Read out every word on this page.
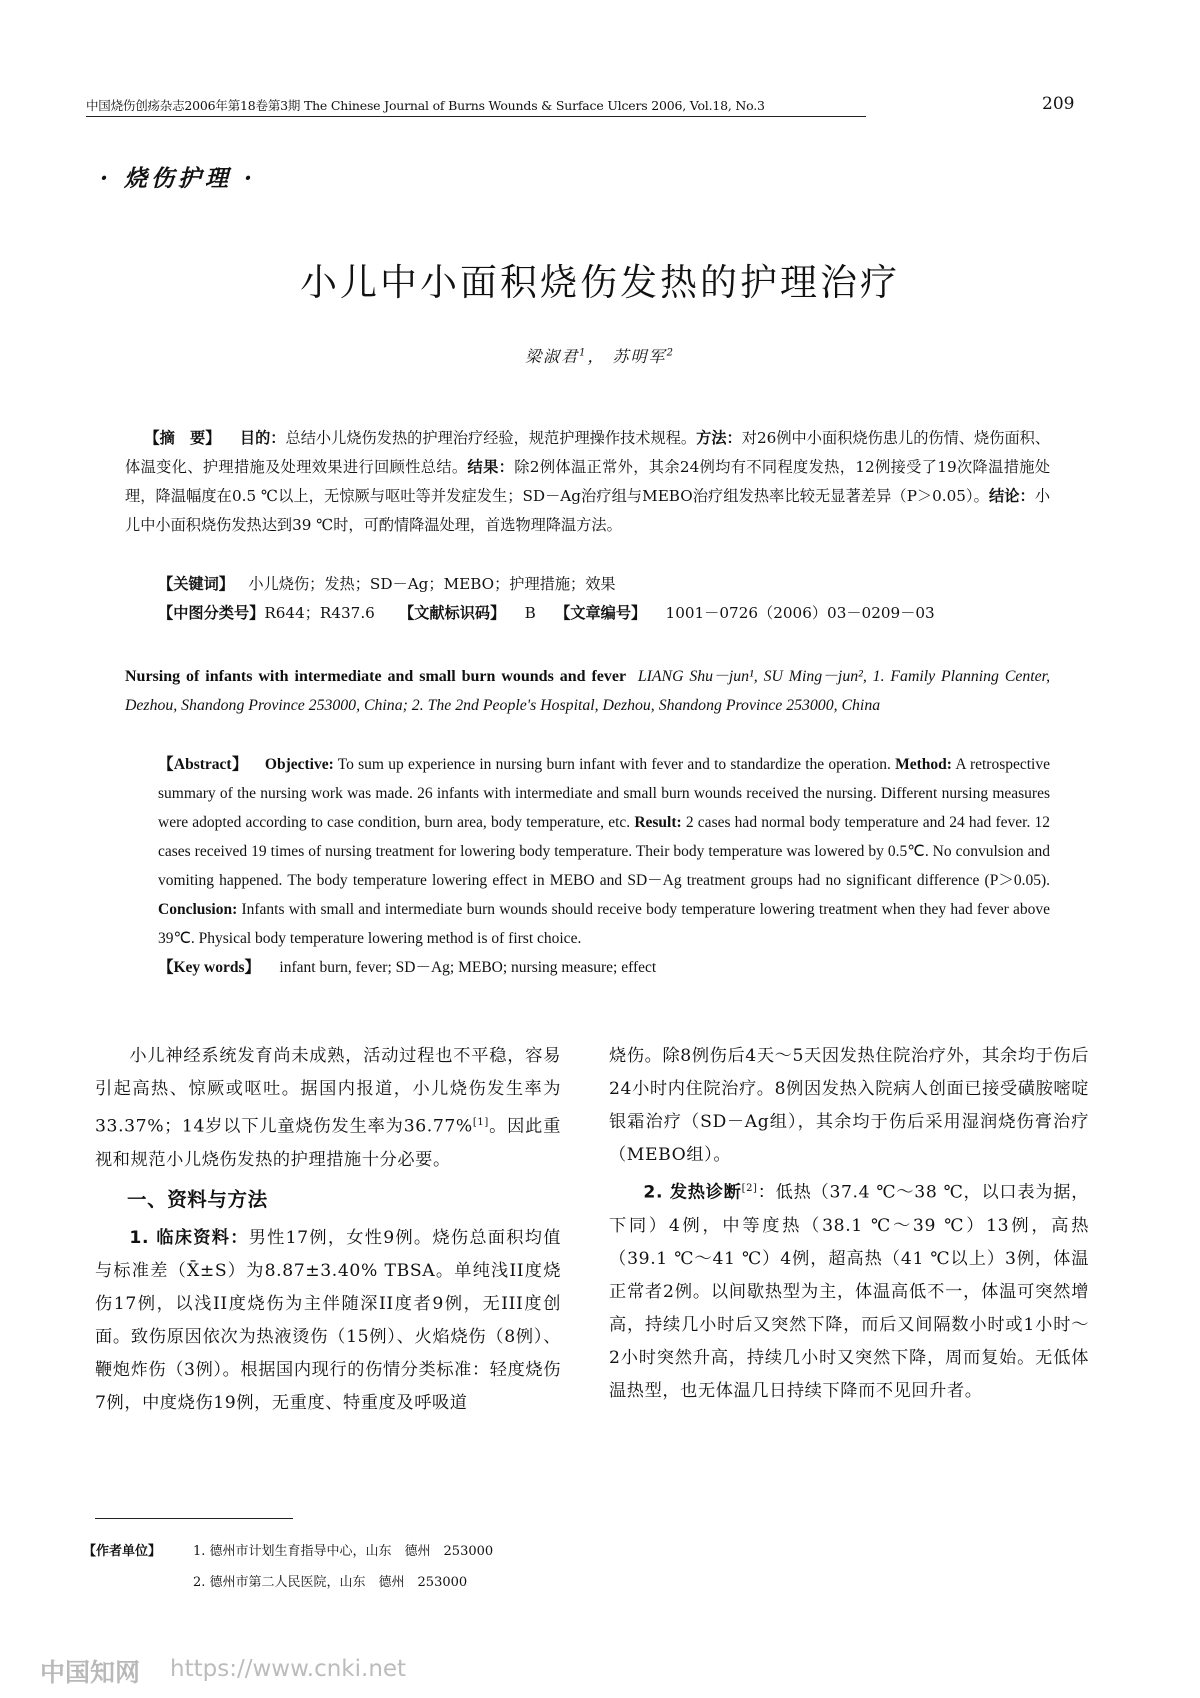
中国烧伤创疡杂志2006年第18卷第3期 The Chinese Journal of Burns Wounds & Surface Ulcers 2006, Vol.18, No.3	209
· 烧伤护理 ·
小儿中小面积烧伤发热的护理治疗
梁淑君$^1$， 苏明军$^2$
【摘　要】 目的：总结小儿烧伤发热的护理治疗经验，规范护理操作技术规程。方法：对26例中小面积烧伤患儿的伤情、烧伤面积、体温变化、护理措施及处理效果进行回顾性总结。结果：除2例体温正常外，其余24例均有不同程度发热，12例接受了19次降温措施处理，降温幅度在0.5 ℃以上，无惊厥与呕吐等并发症发生；SD－Ag治疗组与MEBO治疗组发热率比较无显著差异（P＞0.05）。结论：小儿中小面积烧伤发热达到39 ℃时，可酌情降温处理，首选物理降温方法。
【关键词】 小儿烧伤；发热；SD－Ag；MEBO；护理措施；效果
【中图分类号】R644；R437.6 【文献标识码】 B 【文章编号】 1001－0726（2006）03－0209－03
Nursing of infants with intermediate and small burn wounds and fever LIANG Shu－jun¹, SU Ming－jun², 1. Family Planning Center, Dezhou, Shandong Province 253000, China; 2. The 2nd People's Hospital, Dezhou, Shandong Province 253000, China
【Abstract】 Objective: To sum up experience in nursing burn infant with fever and to standardize the operation. Method: A retrospective summary of the nursing work was made. 26 infants with intermediate and small burn wounds received the nursing. Different nursing measures were adopted according to case condition, burn area, body temperature, etc. Result: 2 cases had normal body temperature and 24 had fever. 12 cases received 19 times of nursing treatment for lowering body temperature. Their body temperature was lowered by 0.5℃. No convulsion and vomiting happened. The body temperature lowering effect in MEBO and SD－Ag treatment groups had no significant difference (P＞0.05). Conclusion: Infants with small and intermediate burn wounds should receive body temperature lowering treatment when they had fever above 39℃. Physical body temperature lowering method is of first choice.
【Key words】 infant burn, fever; SD－Ag; MEBO; nursing measure; effect

小儿神经系统发育尚未成熟，活动过程也不平稳，容易引起高热、惊厥或呕吐。据国内报道，小儿烧伤发生率为33.37%；14岁以下儿童烧伤发生率为36.77%[1]。因此重视和规范小儿烧伤发热的护理措施十分必要。

一、资料与方法

1. 临床资料：男性17例，女性9例。烧伤总面积均值与标准差（X̄±S）为8.87±3.40% TBSA。单纯浅II度烧伤17例，以浅II度烧伤为主伴随深II度者9例，无III度创面。致伤原因依次为热液烫伤（15例）、火焰烧伤（8例）、鞭炮炸伤（3例）。根据国内现行的伤情分类标准：轻度烧伤7例，中度烧伤19例，无重度、特重度及呼吸道

烧伤。除8例伤后4天～5天因发热住院治疗外，其余均于伤后24小时内住院治疗。8例因发热入院病人创面已接受磺胺嘧啶银霜治疗（SD－Ag组），其余均于伤后采用湿润烧伤膏治疗（MEBO组）。

2. 发热诊断[2]：低热（37.4 ℃～38 ℃，以口表为据，下同）4例，中等度热（38.1 ℃～39 ℃）13例，高热（39.1 ℃～41 ℃）4例，超高热（41 ℃以上）3例，体温正常者2例。以间歇热型为主，体温高低不一，体温可突然增高，持续几小时后又突然下降，而后又间隔数小时或1小时～2小时突然升高，持续几小时又突然下降，周而复始。无低体温热型，也无体温几日持续下降而不见回升者。

【作者单位】 1. 德州市计划生育指导中心，山东　德州　253000
2. 德州市第二人民医院，山东　德州　253000
中国知网 https://www.cnki.net
